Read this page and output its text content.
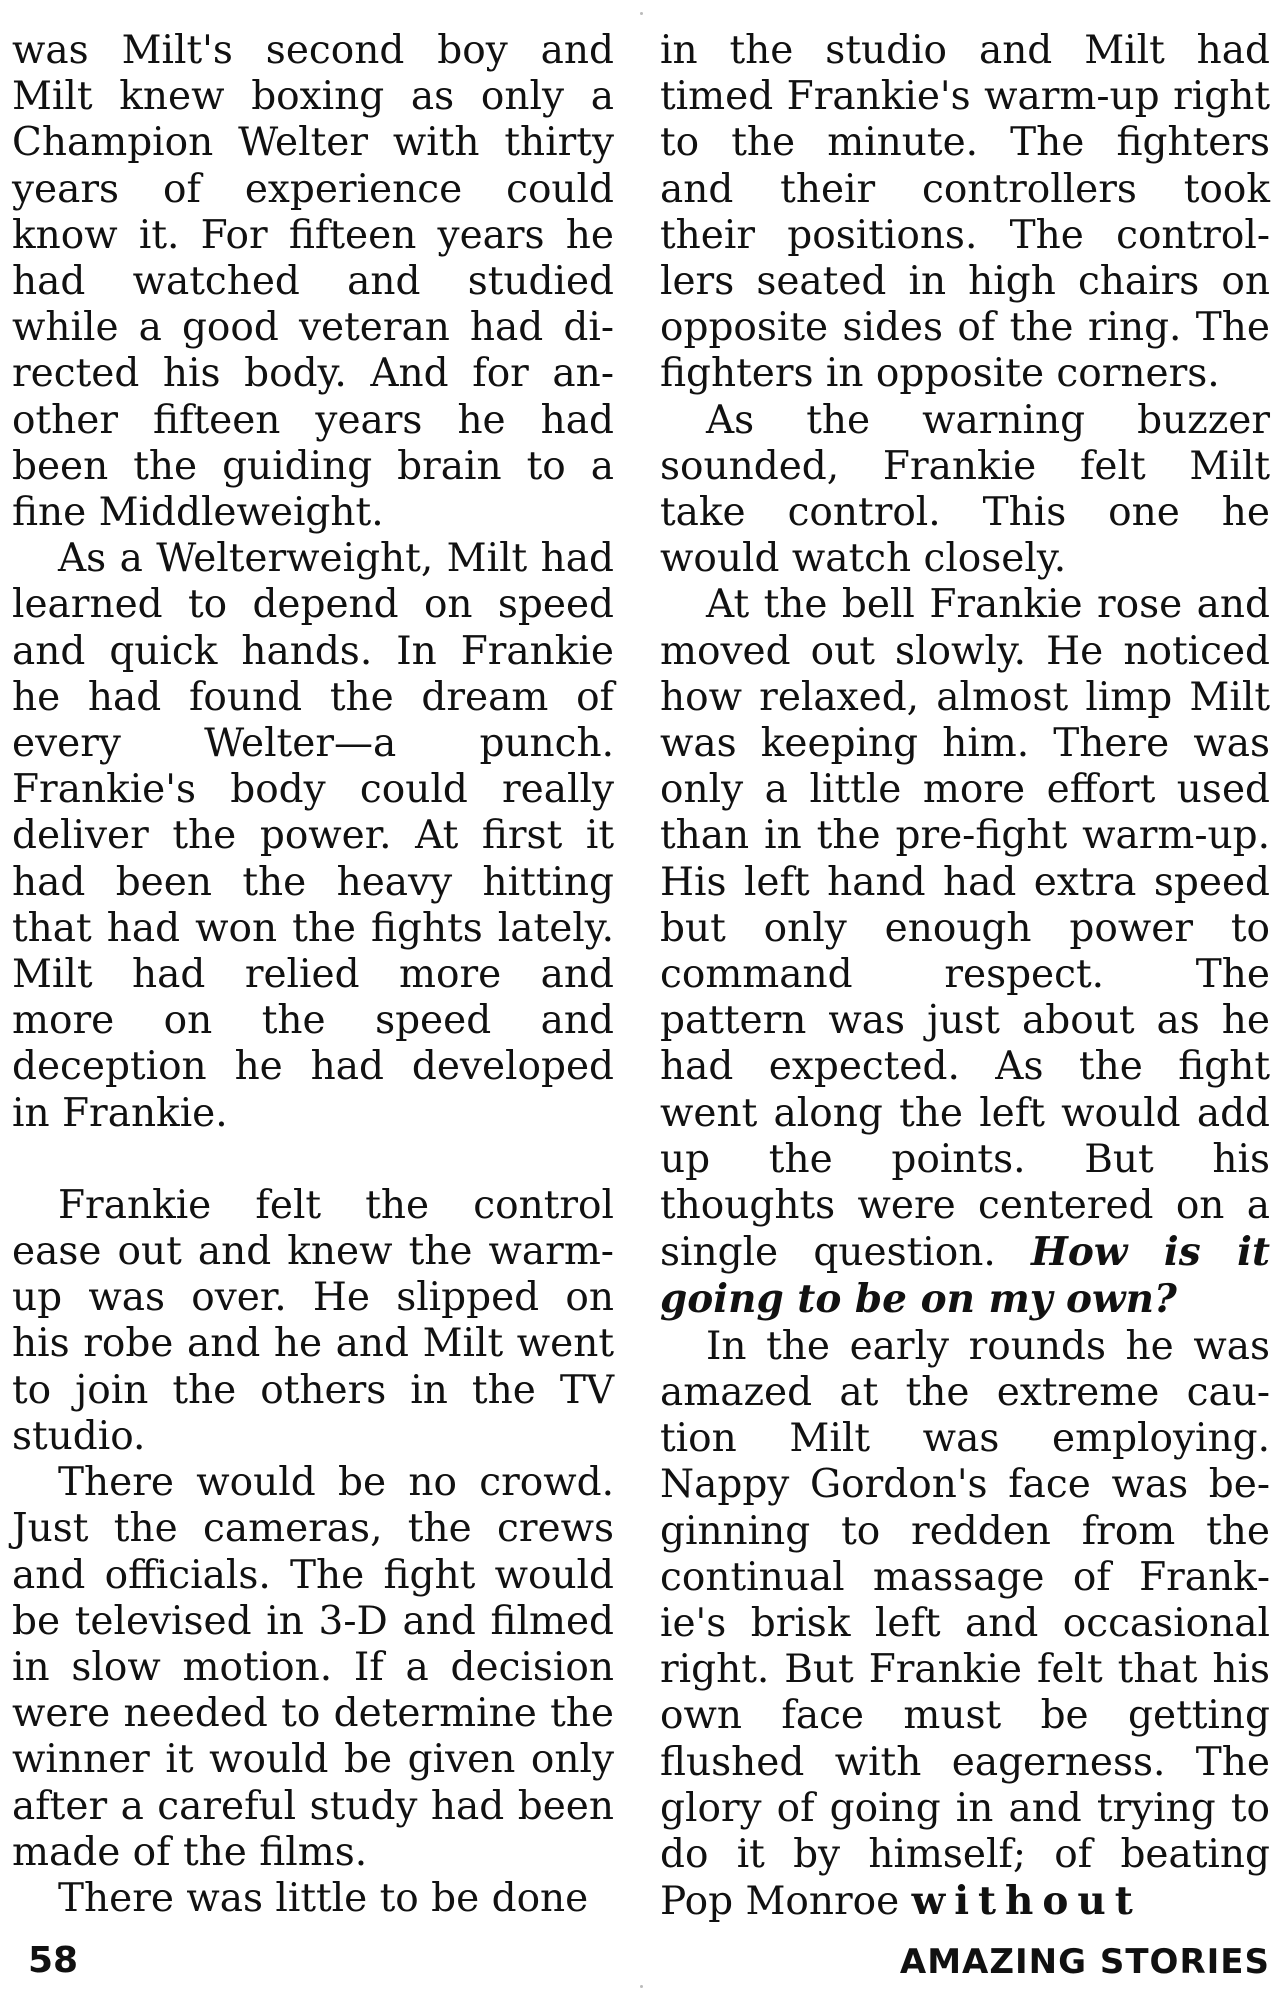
was Milt's second boy and Milt knew boxing as only a Champion Welter with thirty years of experience could know it. For fifteen years he had watched and studied while a good veteran had directed his body. And for another fifteen years he had been the guiding brain to a fine Middleweight.

As a Welterweight, Milt had learned to depend on speed and quick hands. In Frankie he had found the dream of every Welter—a punch. Frankie's body could really deliver the power. At first it had been the heavy hitting that had won the fights lately. Milt had relied more and more on the speed and deception he had developed in Frankie.

Frankie felt the control ease out and knew the warm-up was over. He slipped on his robe and he and Milt went to join the others in the TV studio.

There would be no crowd. Just the cameras, the crews and officials. The fight would be televised in 3-D and filmed in slow motion. If a decision were needed to determine the winner it would be given only after a careful study had been made of the films.

There was little to be done

in the studio and Milt had timed Frankie's warm-up right to the minute. The fighters and their controllers took their positions. The controllers seated in high chairs on opposite sides of the ring. The fighters in opposite corners.

As the warning buzzer sounded, Frankie felt Milt take control. This one he would watch closely.

At the bell Frankie rose and moved out slowly. He noticed how relaxed, almost limp Milt was keeping him. There was only a little more effort used than in the pre-fight warm-up. His left hand had extra speed but only enough power to command respect. The pattern was just about as he had expected. As the fight went along the left would add up the points. But his thoughts were centered on a single question. How is it going to be on my own?

In the early rounds he was amazed at the extreme caution Milt was employing. Nappy Gordon's face was beginning to redden from the continual massage of Frankie's brisk left and occasional right. But Frankie felt that his own face must be getting flushed with eagerness. The glory of going in and trying to do it by himself; of beating Pop Monroe without

58	AMAZING STORIES
